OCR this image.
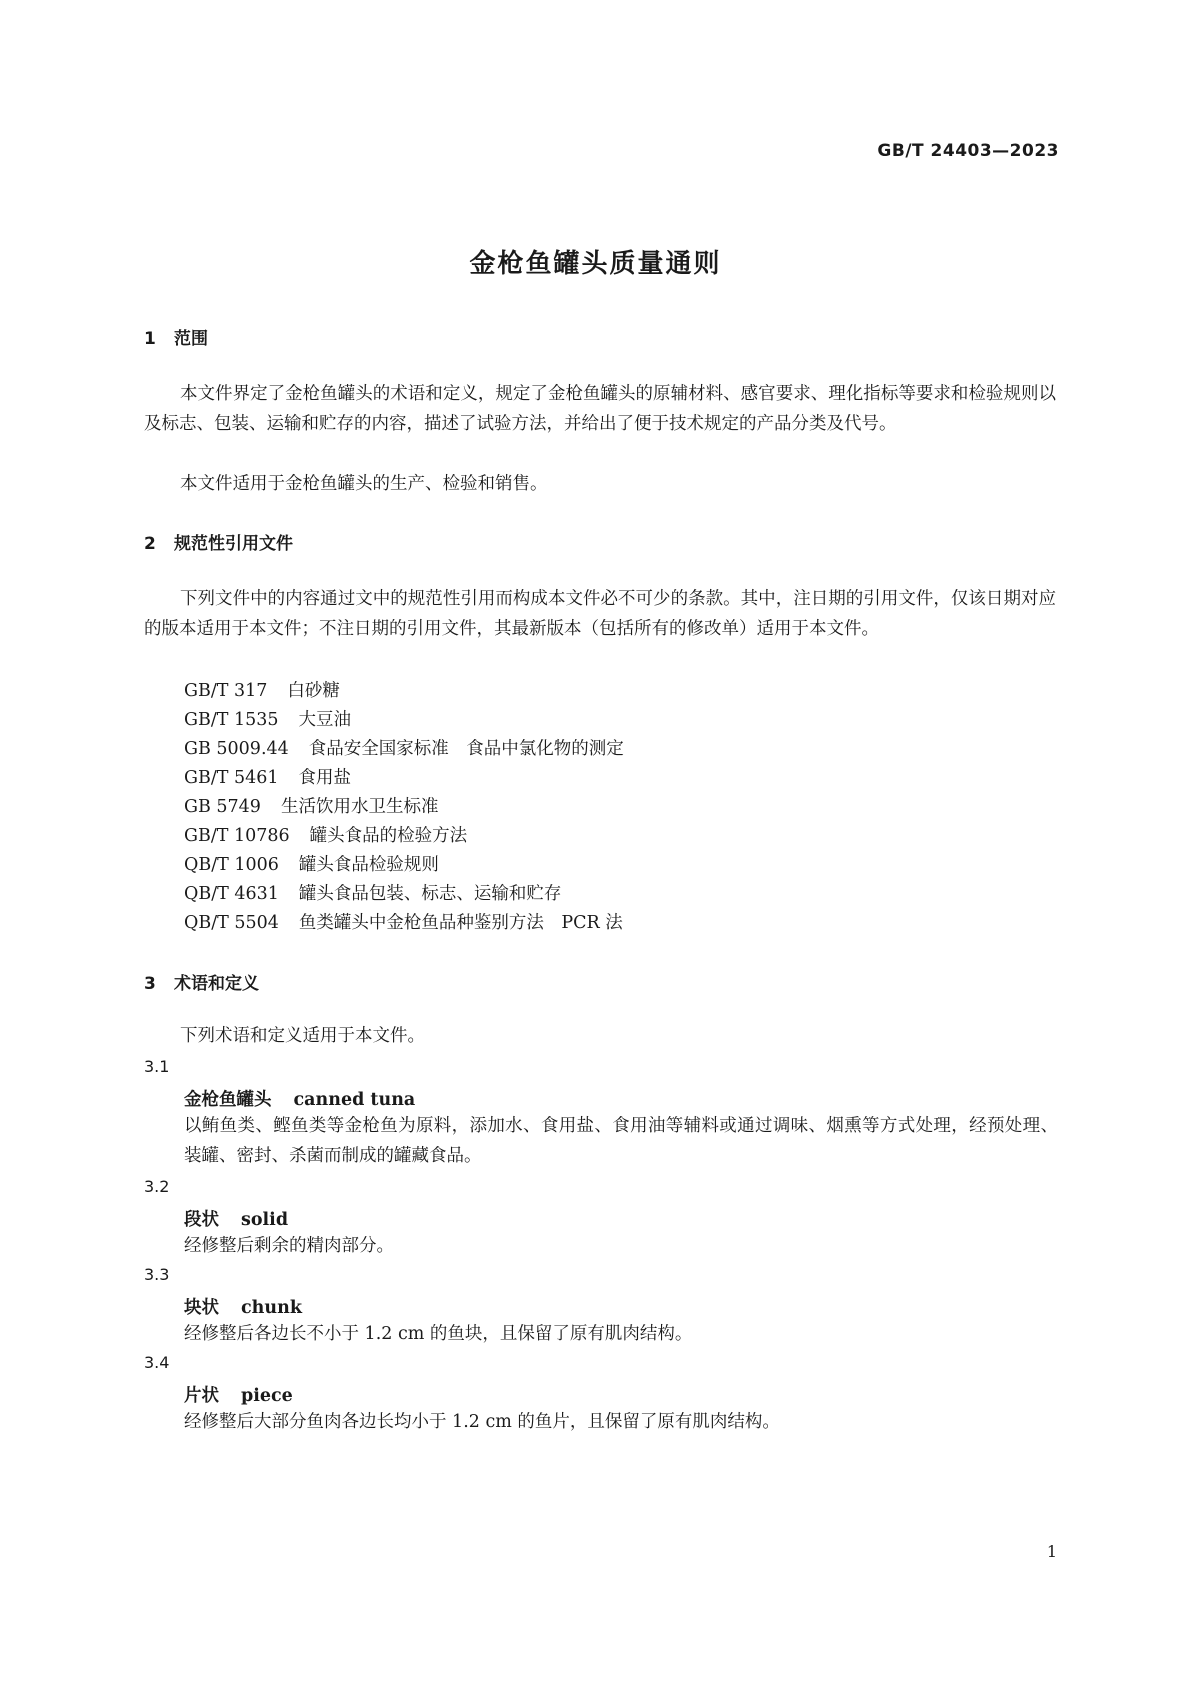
GB/T 24403—2023
金枪鱼罐头质量通则
1 范围
本文件界定了金枪鱼罐头的术语和定义，规定了金枪鱼罐头的原辅材料、感官要求、理化指标等要求和检验规则以及标志、包装、运输和贮存的内容，描述了试验方法，并给出了便于技术规定的产品分类及代号。
本文件适用于金枪鱼罐头的生产、检验和销售。
2 规范性引用文件
下列文件中的内容通过文中的规范性引用而构成本文件必不可少的条款。其中，注日期的引用文件，仅该日期对应的版本适用于本文件；不注日期的引用文件，其最新版本（包括所有的修改单）适用于本文件。
GB/T 317 白砂糖
GB/T 1535 大豆油
GB 5009.44 食品安全国家标准　食品中氯化物的测定
GB/T 5461 食用盐
GB 5749 生活饮用水卫生标准
GB/T 10786 罐头食品的检验方法
QB/T 1006 罐头食品检验规则
QB/T 4631 罐头食品包装、标志、运输和贮存
QB/T 5504 鱼类罐头中金枪鱼品种鉴别方法　PCR 法
3 术语和定义
下列术语和定义适用于本文件。
3.1
金枪鱼罐头 canned tuna
以鲔鱼类、鲣鱼类等金枪鱼为原料，添加水、食用盐、食用油等辅料或通过调味、烟熏等方式处理，经预处理、装罐、密封、杀菌而制成的罐藏食品。
3.2
段状 solid
经修整后剩余的精肉部分。
3.3
块状 chunk
经修整后各边长不小于 1.2 cm 的鱼块，且保留了原有肌肉结构。
3.4
片状 piece
经修整后大部分鱼肉各边长均小于 1.2 cm 的鱼片，且保留了原有肌肉结构。
1
